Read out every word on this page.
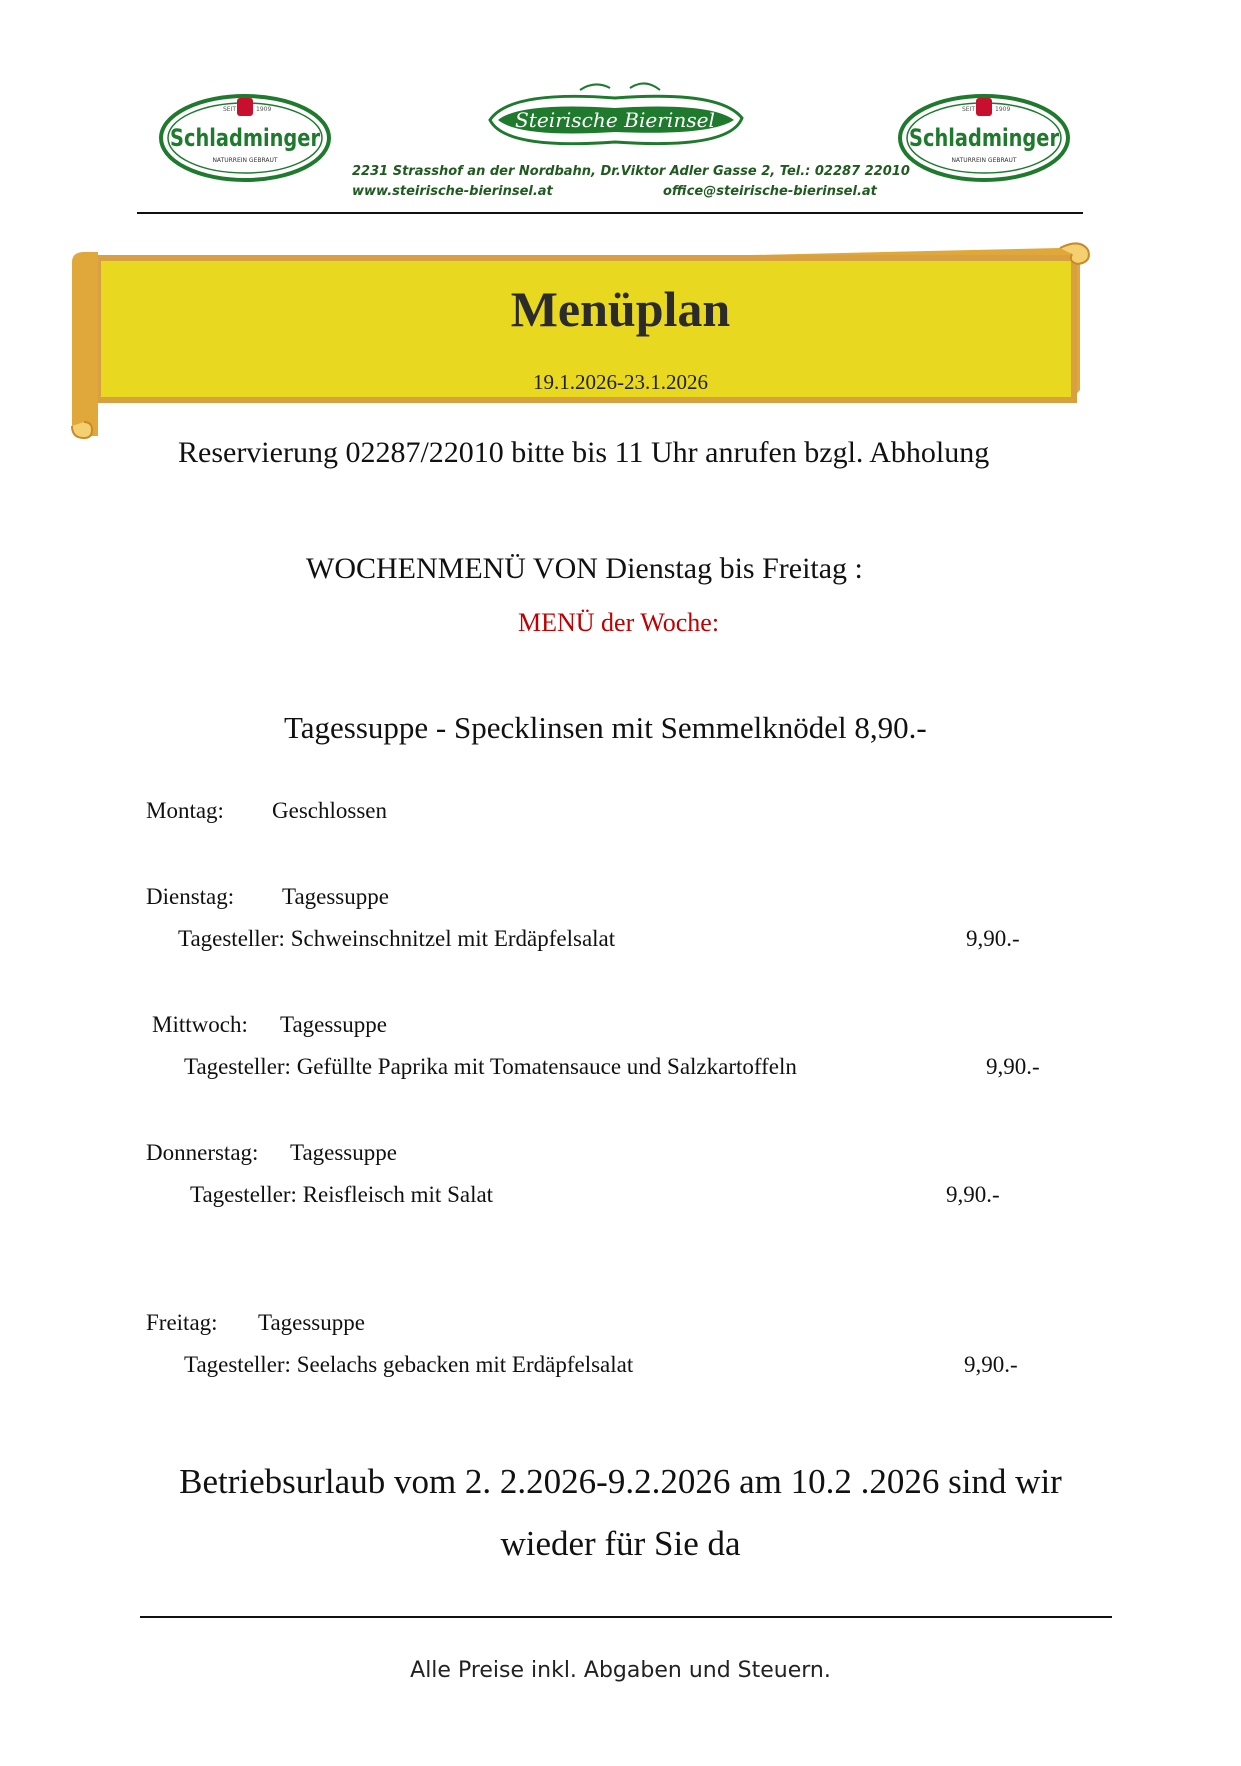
SEIT	1909
Schladminger
NATURREIN GEBRAUT
SEIT	1909
Schladminger
NATURREIN GEBRAUT
Steirische Bierinsel
2231 Strasshof an der Nordbahn, Dr.Viktor Adler Gasse 2, Tel.: 02287 22010
www.steirische-bierinsel.at	office@steirische-bierinsel.at
Menüplan
19.1.2026-23.1.2026
Reservierung 02287/22010 bitte bis 11 Uhr anrufen bzgl. Abholung
WOCHENMENÜ VON Dienstag bis Freitag :
MENÜ der Woche:
Tagessuppe - Specklinsen mit Semmelknödel 8,90.-
Montag: Geschlossen
Dienstag: Tagessuppe
Tagesteller: Schweinschnitzel mit Erdäpfelsalat	9,90.-
Mittwoch: Tagessuppe
Tagesteller: Gefüllte Paprika mit Tomatensauce und Salzkartoffeln	9,90.-
Donnerstag: Tagessuppe
Tagesteller: Reisfleisch mit Salat	9,90.-
Freitag: Tagessuppe
Tagesteller: Seelachs gebacken mit Erdäpfelsalat	9,90.-
Betriebsurlaub vom 2. 2.2026-9.2.2026 am 10.2 .2026 sind wir
wieder für Sie da
Alle Preise inkl. Abgaben und Steuern.
